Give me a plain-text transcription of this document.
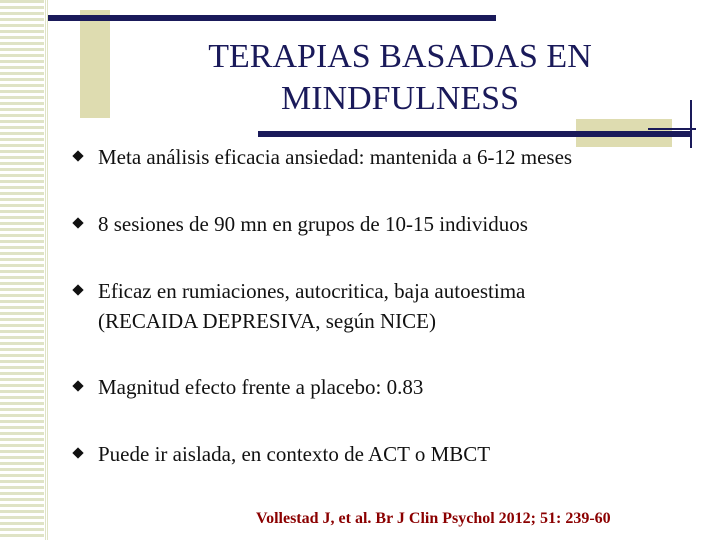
TERAPIAS BASADAS EN
MINDFULNESS
Meta análisis eficacia ansiedad: mantenida a 6-12 meses
8 sesiones de 90 mn en grupos de 10-15 individuos
Eficaz en rumiaciones, autocritica, baja autoestima
(RECAIDA DEPRESIVA, según NICE)
Magnitud efecto frente a placebo: 0.83
Puede ir aislada, en contexto de ACT o MBCT
Vollestad J, et al. Br J Clin Psychol 2012; 51: 239-60
